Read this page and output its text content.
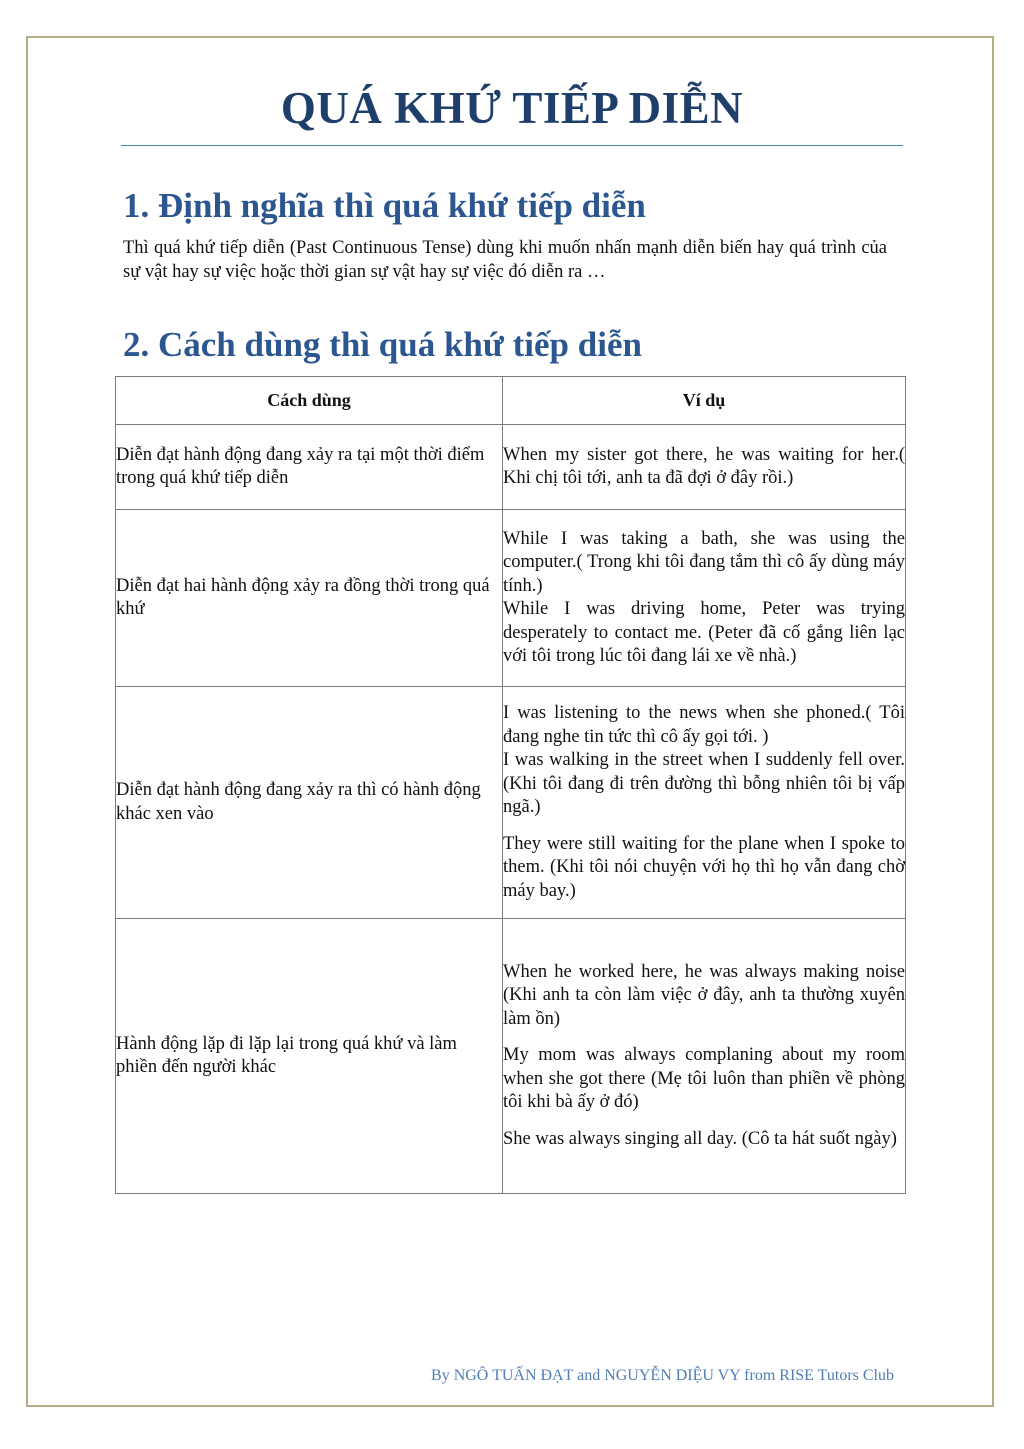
QUÁ KHỨ TIẾP DIỄN
1. Định nghĩa thì quá khứ tiếp diễn

Thì quá khứ tiếp diễn (Past Continuous Tense) dùng khi muốn nhấn mạnh diễn biến hay quá trình của sự vật hay sự việc hoặc thời gian sự vật hay sự việc đó diễn ra …

2. Cách dùng thì quá khứ tiếp diễn
Cách dùng	Ví dụ
Diễn đạt hành động đang xảy ra tại một thời điểm trong quá khứ tiếp diễn	When my sister got there, he was waiting for her.( Khi chị tôi tới, anh ta đã đợi ở đây rồi.)

Diễn đạt hai hành động xảy ra đồng thời trong quá khứ	While I was taking a bath, she was using the computer.( Trong khi tôi đang tắm thì cô ấy dùng máy tính.)

While I was driving home, Peter was trying desperately to contact me. (Peter đã cố gắng liên lạc với tôi trong lúc tôi đang lái xe về nhà.)

Diễn đạt hành động đang xảy ra thì có hành động khác xen vào	I was listening to the news when she phoned.( Tôi đang nghe tin tức thì cô ấy gọi tới. )

I was walking in the street when I suddenly fell over. (Khi tôi đang đi trên đường thì bỗng nhiên tôi bị vấp ngã.)

They were still waiting for the plane when I spoke to them. (Khi tôi nói chuyện với họ thì họ vẫn đang chờ máy bay.)

Hành động lặp đi lặp lại trong quá khứ và làm phiền đến người khác	When he worked here, he was always making noise (Khi anh ta còn làm việc ở đây, anh ta thường xuyên làm ồn)

My mom was always complaning about my room when she got there (Mẹ tôi luôn than phiền về phòng tôi khi bà ấy ở đó)

She was always singing all day. (Cô ta hát suốt ngày)

By NGÔ TUẤN ĐẠT and NGUYỄN DIỆU VY from RISE Tutors Club
